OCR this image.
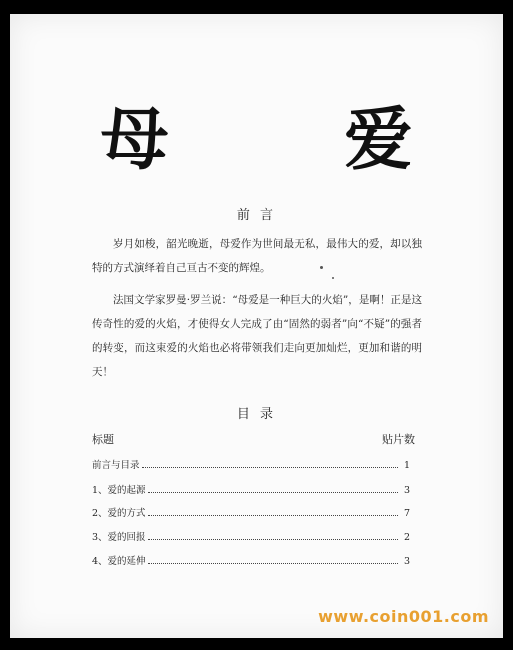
母 爱
前 言
岁月如梭，韶光晚逝，母爱作为世间最无私，最伟大的爱，却以独特的方式演绎着自己亘古不变的辉煌。
法国文学家罗曼·罗兰说：“母爱是一种巨大的火焰”，是啊！正是这传奇性的爱的火焰，才使得女人完成了由“固然的弱者”向“不疑”的强者的转变，而这束爱的火焰也必将带领我们走向更加灿烂，更加和谐的明天！
目 录
标题	贴片数
前言与目录	1
1、爱的起源	3
2、爱的方式	7
3、爱的回报	2
4、爱的延伸	3
www.coin001.com
